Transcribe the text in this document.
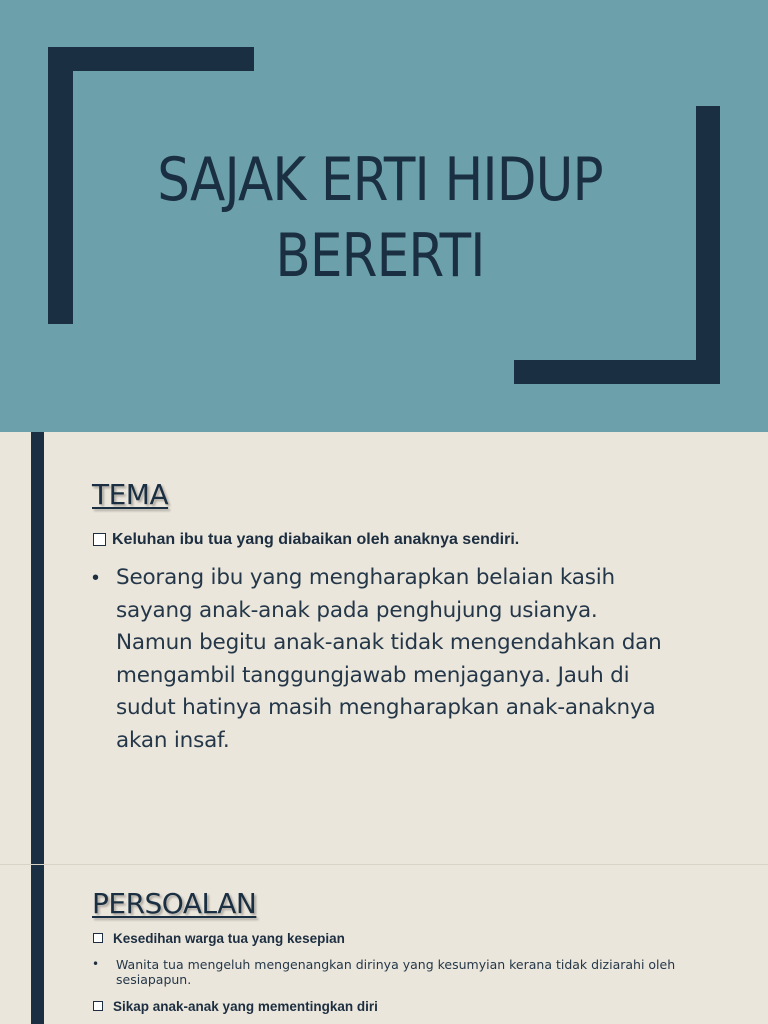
SAJAK ERTI HIDUP
BERERTI
TEMA
Keluhan ibu tua yang diabaikan oleh anaknya sendiri.
• Seorang ibu yang mengharapkan belaian kasih sayang anak-anak pada penghujung usianya. Namun begitu anak-anak tidak mengendahkan dan mengambil tanggungjawab menjaganya. Jauh di sudut hatinya masih mengharapkan anak-anaknya akan insaf.
PERSOALAN
Kesedihan warga tua yang kesepian
•	Wanita tua mengeluh mengenangkan dirinya yang kesumyian kerana tidak diziarahi oleh sesiapapun.
Sikap anak-anak yang mementingkan diri
